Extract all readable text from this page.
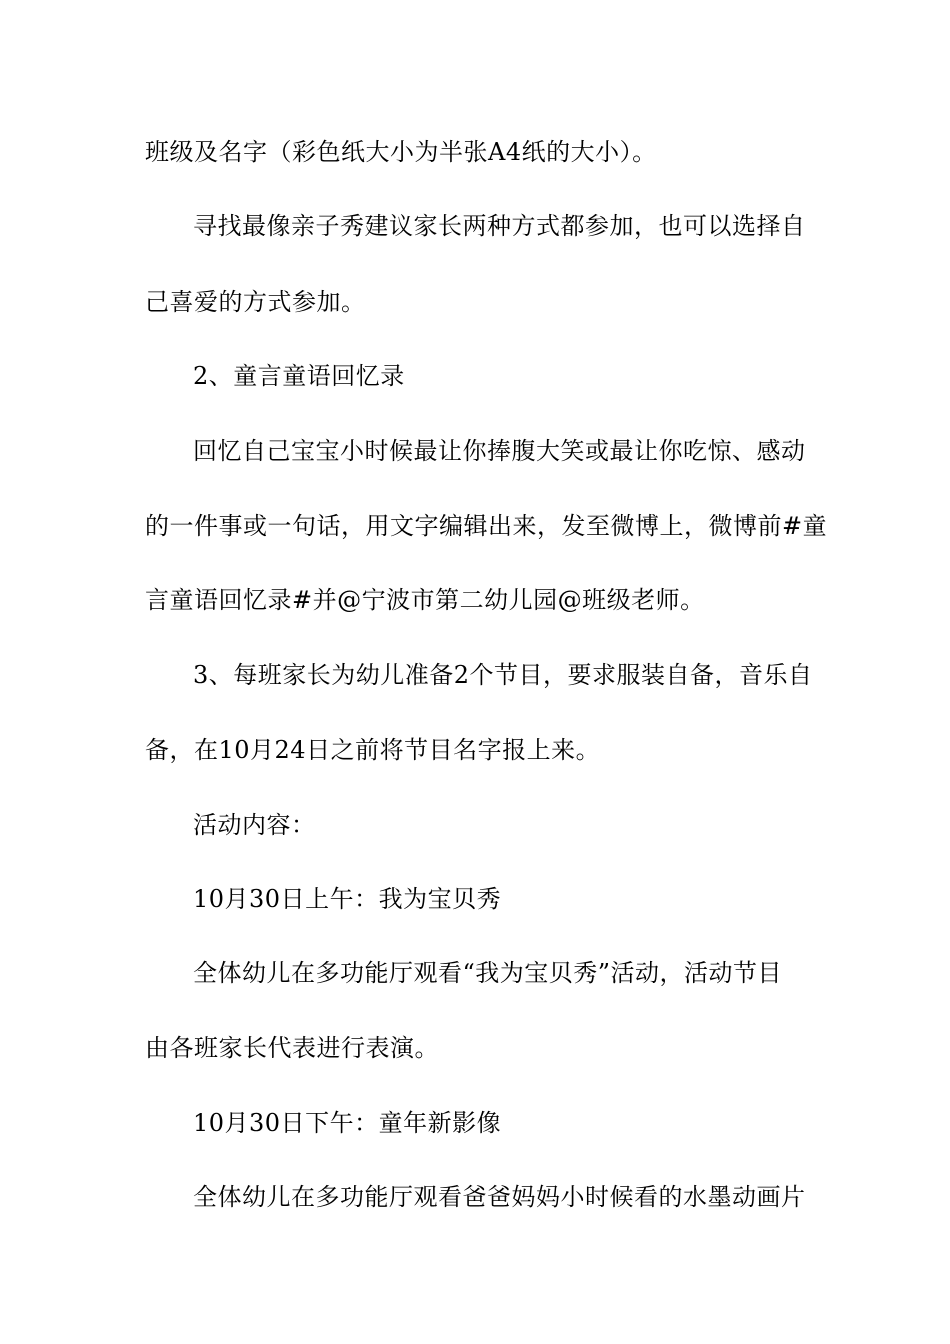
班级及名字（彩色纸大小为半张A4纸的大小）。
寻找最像亲子秀建议家长两种方式都参加，也可以选择自
己喜爱的方式参加。
2、童言童语回忆录
回忆自己宝宝小时候最让你捧腹大笑或最让你吃惊、感动
的一件事或一句话，用文字编辑出来，发至微博上，微博前#童
言童语回忆录#并@宁波市第二幼儿园@班级老师。
3、每班家长为幼儿准备2个节目，要求服装自备，音乐自
备，在10月24日之前将节目名字报上来。
活动内容：
10月30日上午：我为宝贝秀
全体幼儿在多功能厅观看“我为宝贝秀”活动，活动节目
由各班家长代表进行表演。
10月30日下午：童年新影像
全体幼儿在多功能厅观看爸爸妈妈小时候看的水墨动画片
